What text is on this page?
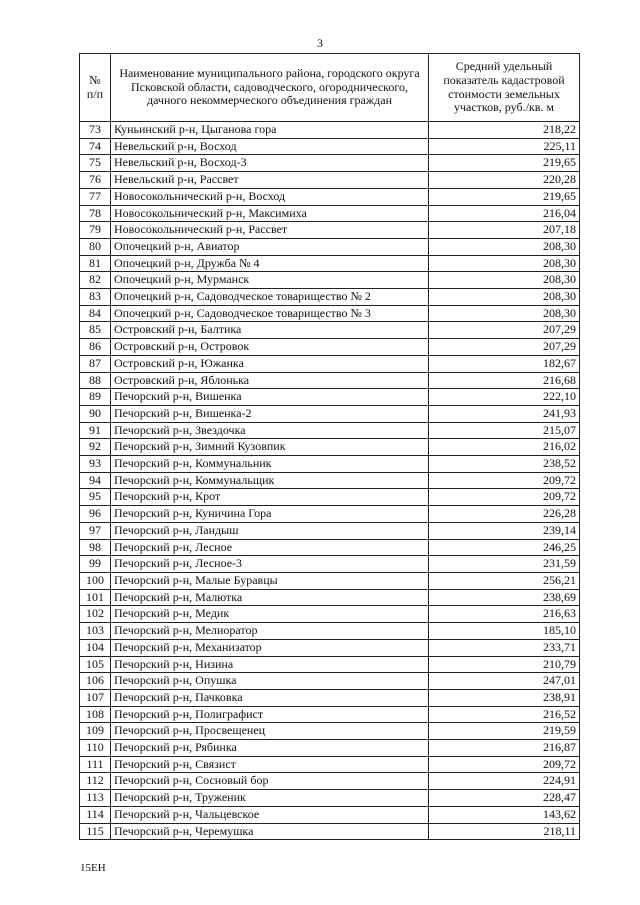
3
№ п/п	Наименование муниципального района, городского округа Псковской области, садоводческого, огороднического, дачного некоммерческого объединения граждан	Средний удельный показатель кадастровой стоимости земельных участков, руб./кв. м
73	Куньинский р-н, Цыганова гора	218,22
74	Невельский р-н, Восход	225,11
75	Невельский р-н, Восход-3	219,65
76	Невельский р-н, Рассвет	220,28
77	Новосокольнический р-н, Восход	219,65
78	Новосокольнический р-н, Максимиха	216,04
79	Новосокольнический р-н, Рассвет	207,18
80	Опочецкий р-н, Авиатор	208,30
81	Опочецкий р-н, Дружба № 4	208,30
82	Опочецкий р-н, Мурманск	208,30
83	Опочецкий р-н, Садоводческое товарищество № 2	208,30
84	Опочецкий р-н, Садоводческое товарищество № 3	208,30
85	Островский р-н, Балтика	207,29
86	Островский р-н, Островок	207,29
87	Островский р-н, Южанка	182,67
88	Островский р-н, Яблонька	216,68
89	Печорский р-н, Вишенка	222,10
90	Печорский р-н, Вишенка-2	241,93
91	Печорский р-н, Звездочка	215,07
92	Печорский р-н, Зимний Кузовпик	216,02
93	Печорский р-н, Коммунальник	238,52
94	Печорский р-н, Коммунальщик	209,72
95	Печорский р-н, Крот	209,72
96	Печорский р-н, Куничина Гора	226,28
97	Печорский р-н, Ландыш	239,14
98	Печорский р-н, Лесное	246,25
99	Печорский р-н, Лесное-3	231,59
100	Печорский р-н, Малые Буравцы	256,21
101	Печорский р-н, Малютка	238,69
102	Печорский р-н, Медик	216,63
103	Печорский р-н, Мелиоратор	185,10
104	Печорский р-н, Механизатор	233,71
105	Печорский р-н, Низина	210,79
106	Печорский р-н, Опушка	247,01
107	Печорский р-н, Пачковка	238,91
108	Печорский р-н, Полиграфист	216,52
109	Печорский р-н, Просвещенец	219,59
110	Печорский р-н, Рябинка	216,87
111	Печорский р-н, Связист	209,72
112	Печорский р-н, Сосновый бор	224,91
113	Печорский р-н, Труженик	228,47
114	Печорский р-н, Чальцевское	143,62
115	Печорский р-н, Черемушка	218,11
15ЕН
